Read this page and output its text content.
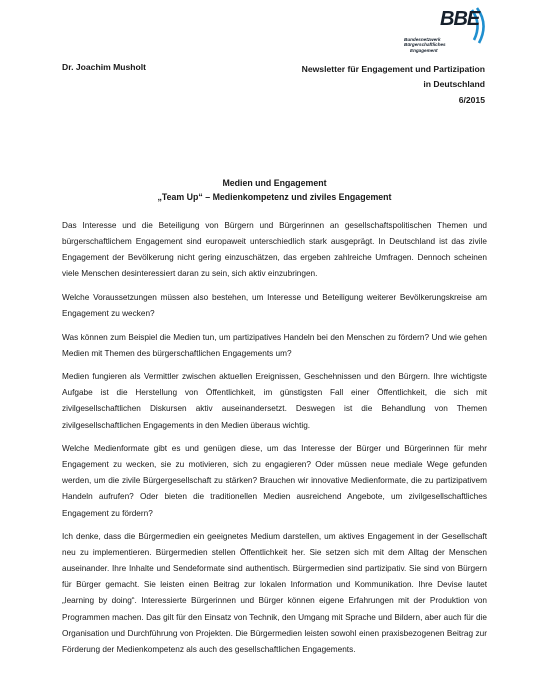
BBE
Bundesnetzwerk
Bürgerschaftliches
Engagement
Dr. Joachim Musholt	Newsletter für Engagement und Partizipation
in Deutschland
6/2015
Medien und Engagement
„Team Up“ – Medienkompetenz und ziviles Engagement

Das Interesse und die Beteiligung von Bürgern und Bürgerinnen an gesellschaftspolitischen Themen und bürgerschaftlichem Engagement sind europaweit unterschiedlich stark ausgeprägt. In Deutschland ist das zivile Engagement der Bevölkerung nicht gering einzuschätzen, das ergeben zahlreiche Umfragen. Dennoch scheinen viele Menschen desinteressiert daran zu sein, sich aktiv einzubringen.

Welche Voraussetzungen müssen also bestehen, um Interesse und Beteiligung weiterer Bevölkerungskreise am Engagement zu wecken?

Was können zum Beispiel die Medien tun, um partizipatives Handeln bei den Menschen zu fördern? Und wie gehen Medien mit Themen des bürgerschaftlichen Engagements um?

Medien fungieren als Vermittler zwischen aktuellen Ereignissen, Geschehnissen und den Bürgern. Ihre wichtigste Aufgabe ist die Herstellung von Öffentlichkeit, im günstigsten Fall einer Öffentlichkeit, die sich mit zivilgesellschaftlichen Diskursen aktiv auseinandersetzt. Deswegen ist die Behandlung von Themen zivilgesellschaftlichen Engagements in den Medien überaus wichtig.

Welche Medienformate gibt es und genügen diese, um das Interesse der Bürger und Bürgerinnen für mehr Engagement zu wecken, sie zu motivieren, sich zu engagieren? Oder müssen neue mediale Wege gefunden werden, um die zivile Bürgergesellschaft zu stärken? Brauchen wir innovative Medienformate, die zu partizipativem Handeln aufrufen? Oder bieten die traditionellen Medien ausreichend Angebote, um zivilgesellschaftliches Engagement zu fördern?

Ich denke, dass die Bürgermedien ein geeignetes Medium darstellen, um aktives Engagement in der Gesellschaft neu zu implementieren. Bürgermedien stellen Öffentlichkeit her. Sie setzen sich mit dem Alltag der Menschen auseinander. Ihre Inhalte und Sendeformate sind authentisch. Bürgermedien sind partizipativ. Sie sind von Bürgern für Bürger gemacht. Sie leisten einen Beitrag zur lokalen Information und Kommunikation. Ihre Devise lautet „learning by doing“. Interessierte Bürgerinnen und Bürger können eigene Erfahrungen mit der Produktion von Programmen machen. Das gilt für den Einsatz von Technik, den Umgang mit Sprache und Bildern, aber auch für die Organisation und Durchführung von Projekten. Die Bürgermedien leisten sowohl einen praxisbezogenen Beitrag zur Förderung der Medienkompetenz als auch des gesellschaftlichen Engagements.
